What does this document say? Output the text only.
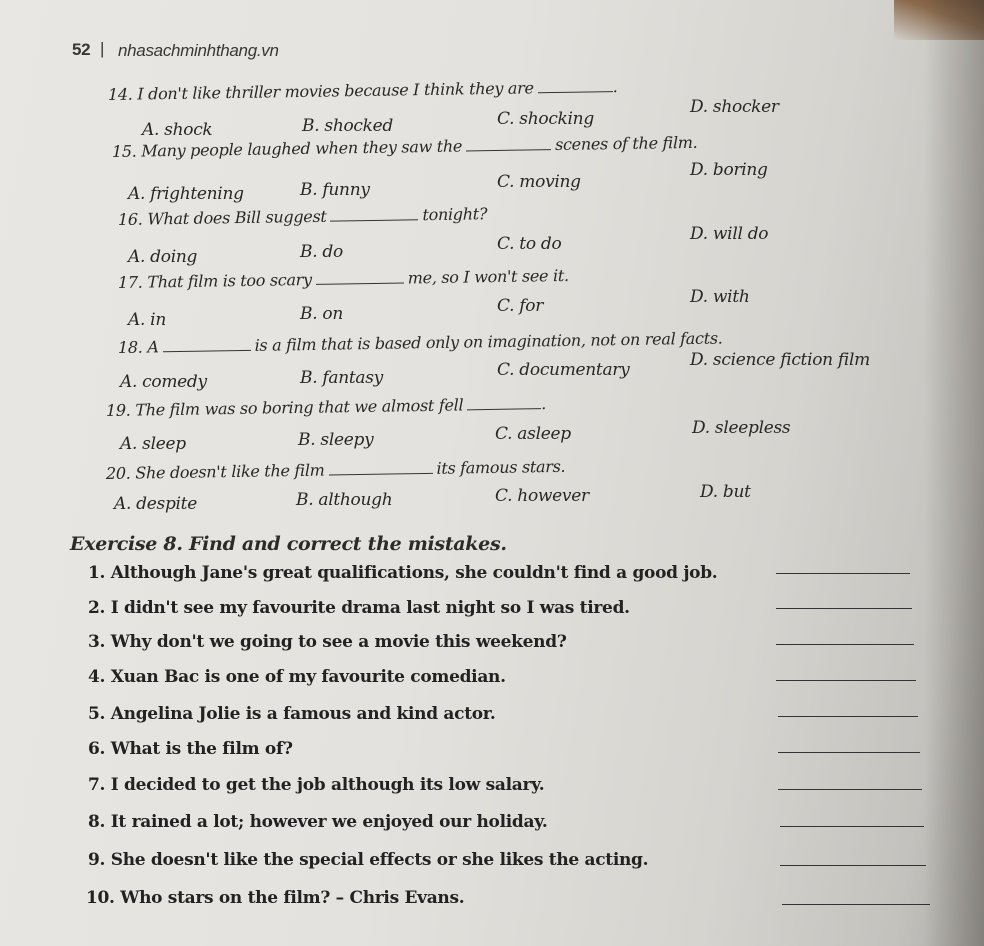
52 | nhasachminhthang.vn
14. I don't like thriller movies because I think they are	.
A. shock	B. shocked	C. shocking
D. shocker
15. Many people laughed when they saw the	scenes of the film.
A. frightening	B. funny	C. moving
D. boring
16. What does Bill suggest	tonight?
A. doing	B. do	C. to do	D. will do
17. That film is too scary	me, so I won't see it.
A. in	B. on	C. for	D. with
18. A	is a film that is based only on imagination, not on real facts.
A. comedy	B. fantasy	C. documentary	D. science fiction film
19. The film was so boring that we almost fell	.
A. sleep	B. sleepy	C. asleep	D. sleepless
20. She doesn't like the film	its famous stars.
A. despite	B. although	C. however	D. but
Exercise 8. Find and correct the mistakes.
1. Although Jane's great qualifications, she couldn't find a good job.
2. I didn't see my favourite drama last night so I was tired.
3. Why don't we going to see a movie this weekend?
4. Xuan Bac is one of my favourite comedian.
5. Angelina Jolie is a famous and kind actor.
6. What is the film of?
7. I decided to get the job although its low salary.
8. It rained a lot; however we enjoyed our holiday.
9. She doesn't like the special effects or she likes the acting.
10. Who stars on the film? – Chris Evans.
